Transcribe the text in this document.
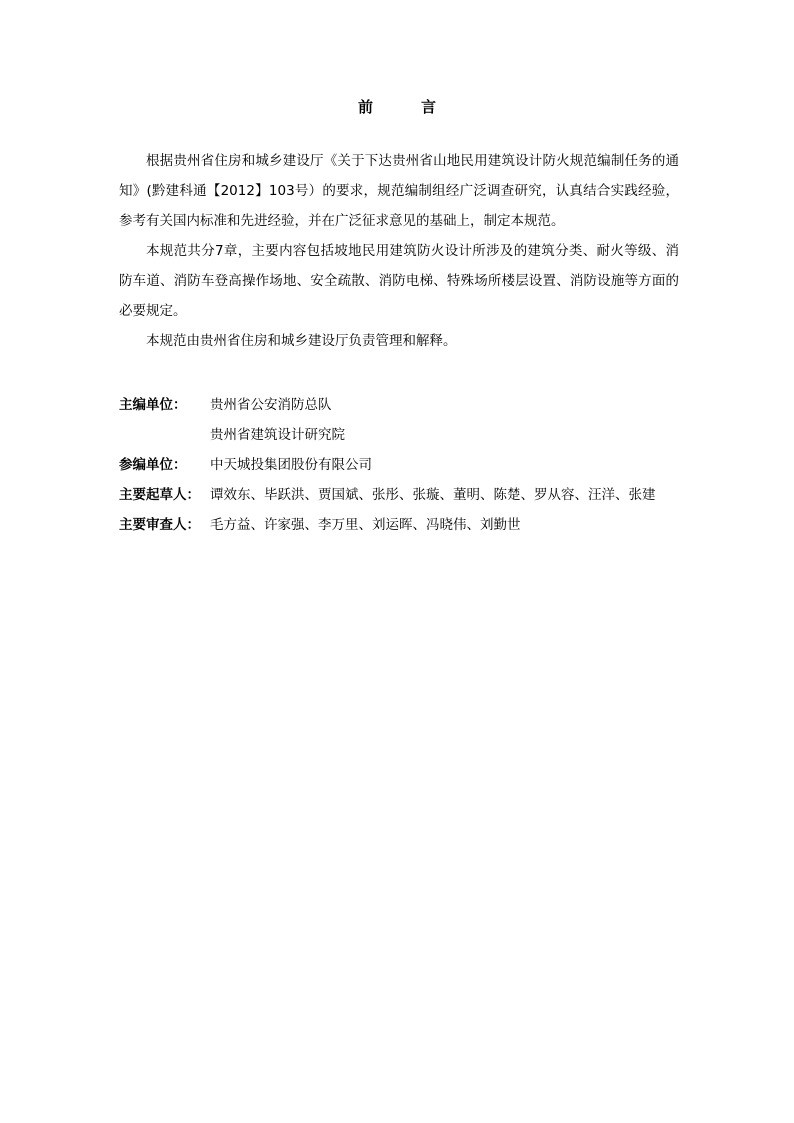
前	言

根据贵州省住房和城乡建设厅《关于下达贵州省山地民用建筑设计防火规范编制任务的通知》(黔建科通【2012】103号）的要求，规范编制组经广泛调查研究，认真结合实践经验，参考有关国内标准和先进经验，并在广泛征求意见的基础上，制定本规范。

本规范共分7章，主要内容包括坡地民用建筑防火设计所涉及的建筑分类、耐火等级、消防车道、消防车登高操作场地、安全疏散、消防电梯、特殊场所楼层设置、消防设施等方面的必要规定。

本规范由贵州省住房和城乡建设厅负责管理和解释。

主编单位：	贵州省公安消防总队
贵州省建筑设计研究院
参编单位：	中天城投集团股份有限公司
主要起草人： 谭效东、毕跃洪、贾国斌、张彤、张璇、董明、陈楚、罗从容、汪洋、张建
主要审查人： 毛方益、许家强、李万里、刘运晖、冯晓伟、刘勤世
